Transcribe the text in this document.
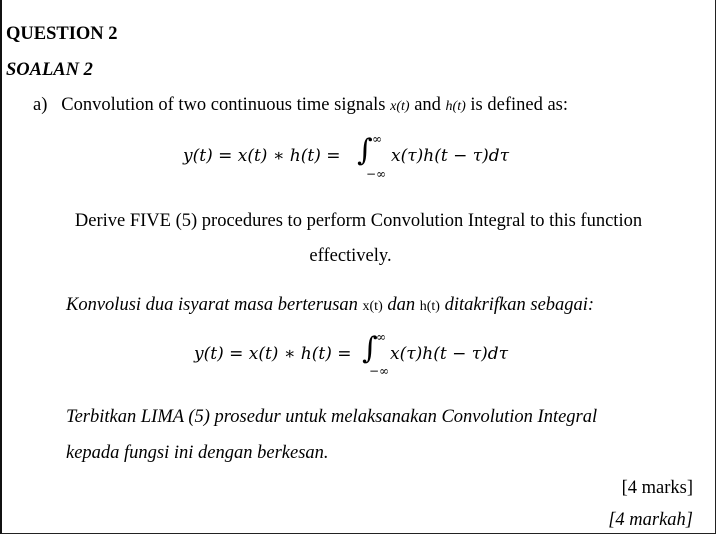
QUESTION 2
SOALAN 2
a) Convolution of two continuous time signals x(t) and h(t) is defined as:
y(t) = x(t) ∗ h(t) = ∫ ∞
−∞
x(τ)h(t − τ)dτ
Derive FIVE (5) procedures to perform Convolution Integral to this function
effectively.
Konvolusi dua isyarat masa berterusan x(t) dan h(t) ditakrifkan sebagai:
y(t) = x(t) ∗ h(t) = ∫
∞
−∞
x(τ)h(t − τ)dτ
Terbitkan LIMA (5) prosedur untuk melaksanakan Convolution Integral
kepada fungsi ini dengan berkesan.
[4 marks]
[4 markah]
